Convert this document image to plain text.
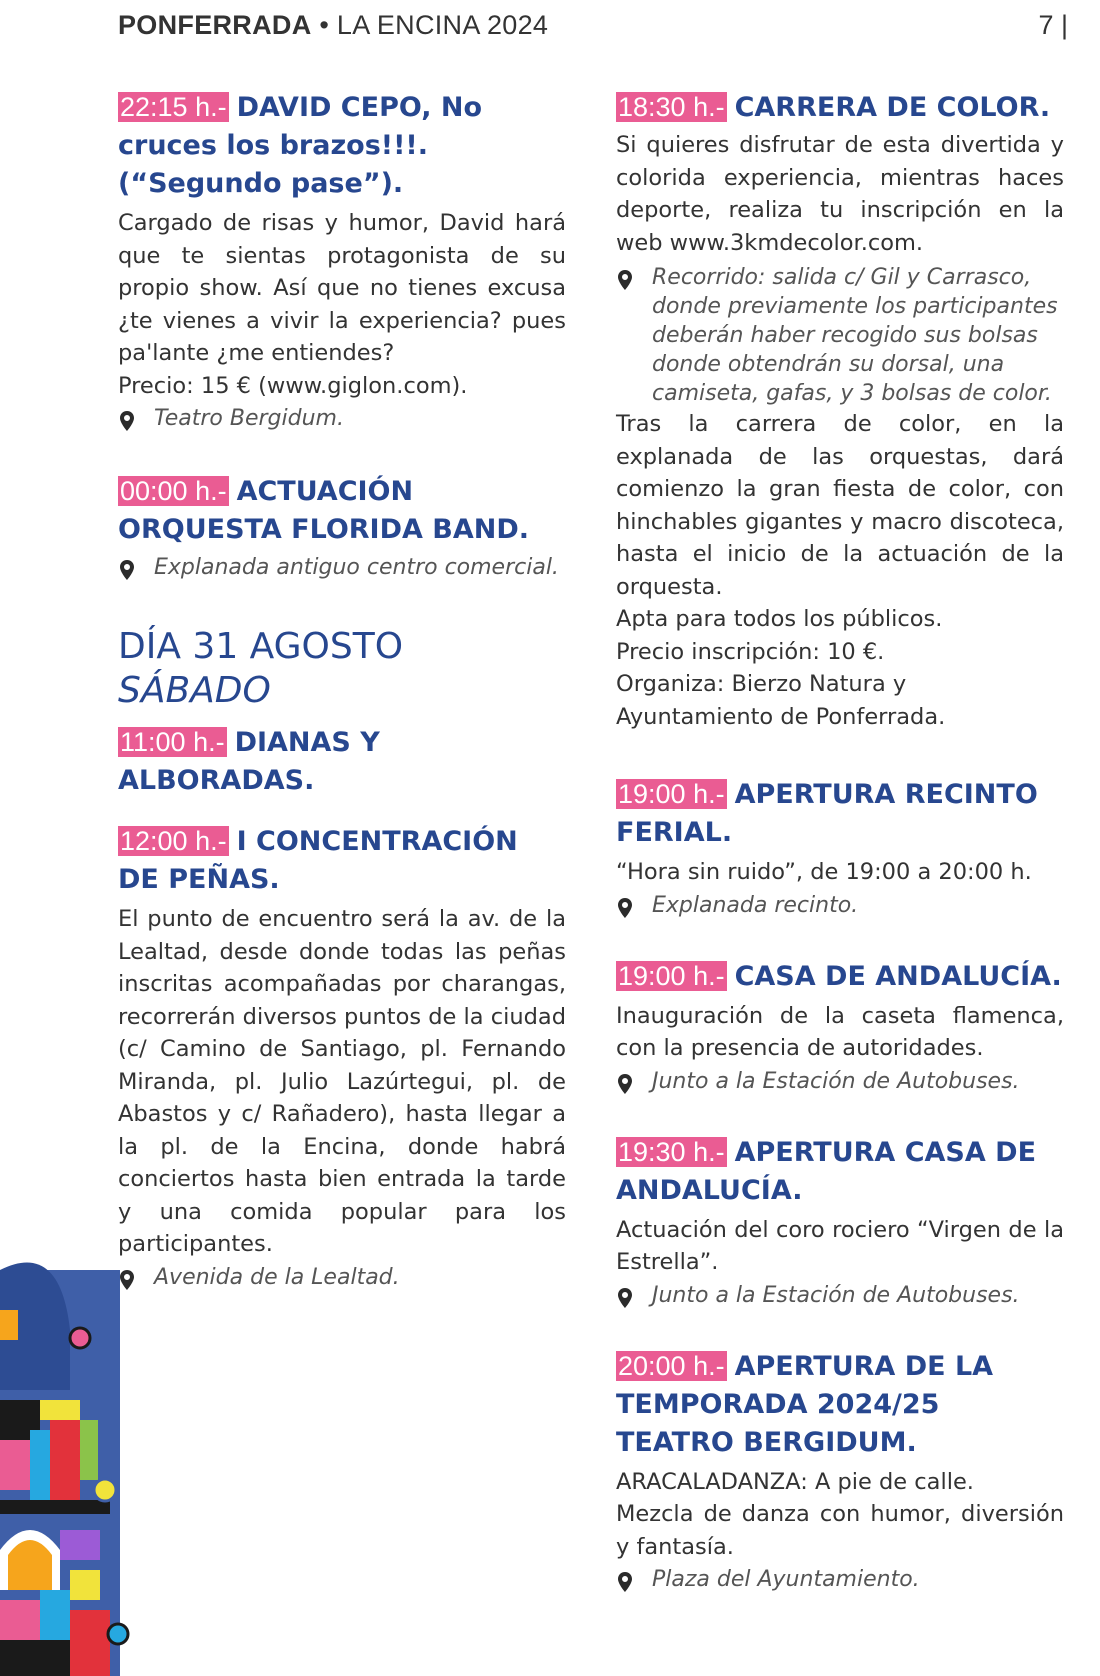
PONFERRADA • LA ENCINA 2024	7 |

22:15 h.- DAVID CEPO, No cruces los brazos!!!. (“Segundo pase”).

Cargado de risas y humor, David hará que te sientas protagonista de su propio show. Así que no tienes excusa ¿te vienes a vivir la experiencia? pues pa'lante ¿me entiendes?

Precio: 15 € (www.giglon.com).

Teatro Bergidum.

00:00 h.- ACTUACIÓN ORQUESTA FLORIDA BAND.

Explanada antiguo centro comercial.

DÍA 31 AGOSTO

SÁBADO

11:00 h.- DIANAS Y ALBORADAS.

12:00 h.- I CONCENTRACIÓN DE PEÑAS.

El punto de encuentro será la av. de la Lealtad, desde donde todas las peñas inscritas acompañadas por charangas, recorrerán diversos puntos de la ciudad (c/ Camino de Santiago, pl. Fernando Miranda, pl. Julio Lazúrtegui, pl. de Abastos y c/ Rañadero), hasta llegar a la pl. de la Encina, donde habrá conciertos hasta bien entrada la tarde y una comida popular para los participantes.

Avenida de la Lealtad.

18:30 h.- CARRERA DE COLOR.

Si quieres disfrutar de esta divertida y colorida experiencia, mientras haces deporte, realiza tu inscripción en la web www.3kmdecolor.com.

Recorrido: salida c/ Gil y Carrasco, donde previamente los participantes deberán haber recogido sus bolsas donde obtendrán su dorsal, una camiseta, gafas, y 3 bolsas de color.

Tras la carrera de color, en la explanada de las orquestas, dará comienzo la gran fiesta de color, con hinchables gigantes y macro discoteca, hasta el inicio de la actuación de la orquesta.

Apta para todos los públicos.

Precio inscripción: 10 €.

Organiza: Bierzo Natura y Ayuntamiento de Ponferrada.

19:00 h.- APERTURA RECINTO FERIAL.

“Hora sin ruido”, de 19:00 a 20:00 h.

Explanada recinto.

19:00 h.- CASA DE ANDALUCÍA.

Inauguración de la caseta flamenca, con la presencia de autoridades.

Junto a la Estación de Autobuses.

19:30 h.- APERTURA CASA DE ANDALUCÍA.

Actuación del coro rociero “Virgen de la Estrella”.

Junto a la Estación de Autobuses.

20:00 h.- APERTURA DE LA TEMPORADA 2024/25 TEATRO BERGIDUM.

ARACALADANZA: A pie de calle.

Mezcla de danza con humor, diversión y fantasía.

Plaza del Ayuntamiento.
